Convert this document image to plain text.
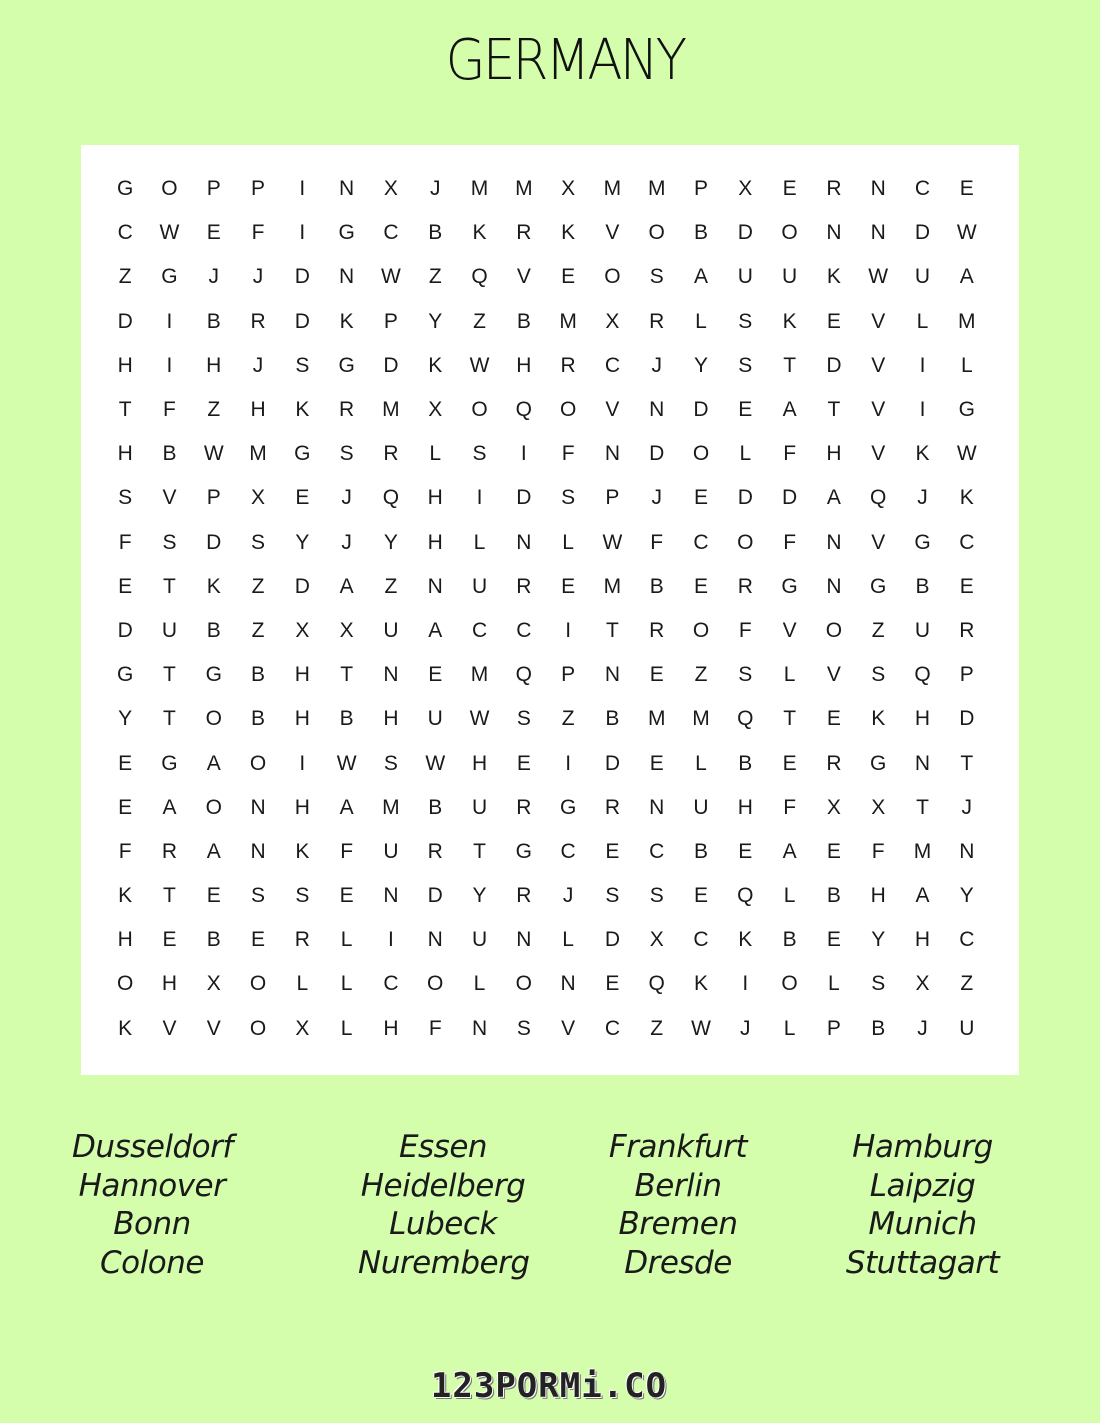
GERMANY
G	O	P	P	I	N	X	J	M	M	X	M	M	P	X	E	R	N	C	E
C	W	E	F	I	G	C	B	K	R	K	V	O	B	D	O	N	N	D	W
Z	G	J	J	D	N	W	Z	Q	V	E	O	S	A	U	U	K	W	U	A
D	I	B	R	D	K	P	Y	Z	B	M	X	R	L	S	K	E	V	L	M
H	I	H	J	S	G	D	K	W	H	R	C	J	Y	S	T	D	V	I	L
T	F	Z	H	K	R	M	X	O	Q	O	V	N	D	E	A	T	V	I	G
H	B	W	M	G	S	R	L	S	I	F	N	D	O	L	F	H	V	K	W
S	V	P	X	E	J	Q	H	I	D	S	P	J	E	D	D	A	Q	J	K
F	S	D	S	Y	J	Y	H	L	N	L	W	F	C	O	F	N	V	G	C
E	T	K	Z	D	A	Z	N	U	R	E	M	B	E	R	G	N	G	B	E
D	U	B	Z	X	X	U	A	C	C	I	T	R	O	F	V	O	Z	U	R
G	T	G	B	H	T	N	E	M	Q	P	N	E	Z	S	L	V	S	Q	P
Y	T	O	B	H	B	H	U	W	S	Z	B	M	M	Q	T	E	K	H	D
E	G	A	O	I	W	S	W	H	E	I	D	E	L	B	E	R	G	N	T
E	A	O	N	H	A	M	B	U	R	G	R	N	U	H	F	X	X	T	J
F	R	A	N	K	F	U	R	T	G	C	E	C	B	E	A	E	F	M	N
K	T	E	S	S	E	N	D	Y	R	J	S	S	E	Q	L	B	H	A	Y
H	E	B	E	R	L	I	N	U	N	L	D	X	C	K	B	E	Y	H	C
O	H	X	O	L	L	C	O	L	O	N	E	Q	K	I	O	L	S	X	Z
K	V	V	O	X	L	H	F	N	S	V	C	Z	W	J	L	P	B	J	U
Dusseldorf
Hannover
Bonn
Colone
Essen
Heidelberg
Lubeck
Nuremberg
Frankfurt
Berlin
Bremen
Dresde
Hamburg
Laipzig
Munich
Stuttagart
123PORMi.CO
